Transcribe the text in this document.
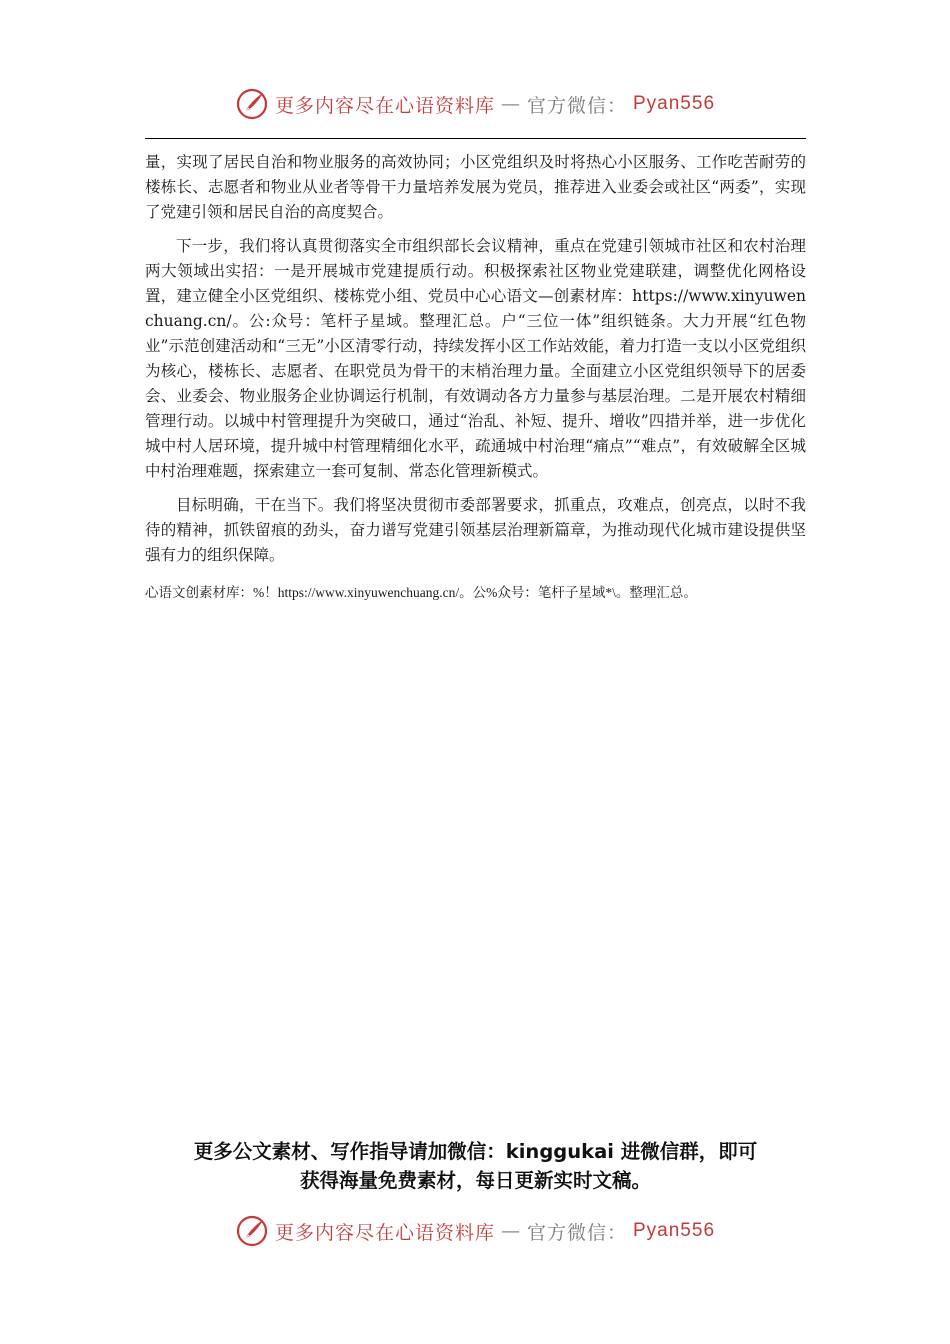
更多内容尽在心语资料库 — 官方微信： Pyan556

量，实现了居民自治和物业服务的高效协同；小区党组织及时将热心小区服务、工作吃苦耐劳的楼栋长、志愿者和物业从业者等骨干力量培养发展为党员，推荐进入业委会或社区“两委”，实现了党建引领和居民自治的高度契合。

下一步，我们将认真贯彻落实全市组织部长会议精神，重点在党建引领城市社区和农村治理两大领域出实招：一是开展城市党建提质行动。积极探索社区物业党建联建，调整优化网格设置，建立健全小区党组织、楼栋党小组、党员中心心语文—创素材库：https://www.xinyuwenchuang.cn/。公:众号：笔杆子星域。整理汇总。户“三位一体”组织链条。大力开展“红色物业”示范创建活动和“三无”小区清零行动，持续发挥小区工作站效能，着力打造一支以小区党组织为核心，楼栋长、志愿者、在职党员为骨干的末梢治理力量。全面建立小区党组织领导下的居委会、业委会、物业服务企业协调运行机制，有效调动各方力量参与基层治理。二是开展农村精细管理行动。以城中村管理提升为突破口，通过“治乱、补短、提升、增收”四措并举，进一步优化城中村人居环境，提升城中村管理精细化水平，疏通城中村治理“痛点”“难点”，有效破解全区城中村治理难题，探索建立一套可复制、常态化管理新模式。

目标明确，干在当下。我们将坚决贯彻市委部署要求，抓重点，攻难点，创亮点，以时不我待的精神，抓铁留痕的劲头，奋力谱写党建引领基层治理新篇章，为推动现代化城市建设提供坚强有力的组织保障。

心语文创素材库：%！https://www.xinyuwenchuang.cn/。公%众号：笔杆子星域*\。整理汇总。

更多公文素材、写作指导请加微信：kinggukai 进微信群，即可
获得海量免费素材，每日更新实时文稿。
更多内容尽在心语资料库 — 官方微信： Pyan556
